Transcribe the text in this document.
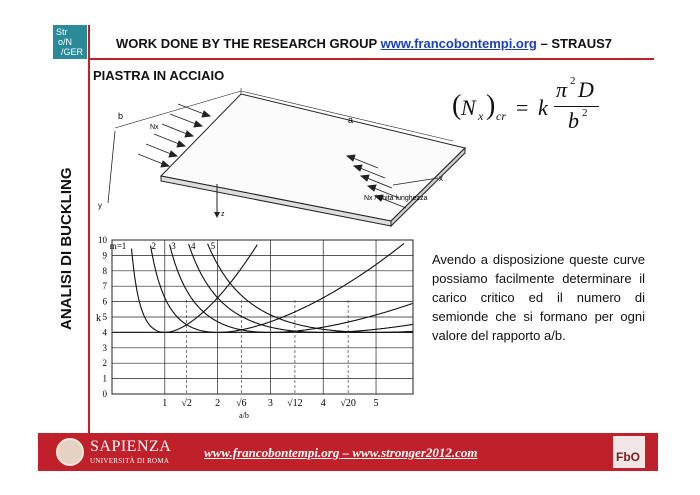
Str
o/N
/GER
WORK DONE BY THE RESEARCH GROUP www.francobontempi.org – STRAUS7
PIASTRA IN ACCIAIO
ANALISI DI BUCKLING
( N x ) cr = k
π 2 D
b 2
b	a
Nx
x
y
z
Nx / unità lunghezza
0
1
2
3
4
5
6
7
8
9
10
1 √2 2 √6 3 √12 4 √20 5
a/b
k
m=1	2 3 4 5
Avendo a disposizione queste curve possiamo facilmente determinare il carico critico ed il numero di semionde che si formano per ogni valore del rapporto a/b.
SAPIENZA
UNIVERSITÀ DI ROMA
www.francobontempi.org – www.stronger2012.com	FbO
